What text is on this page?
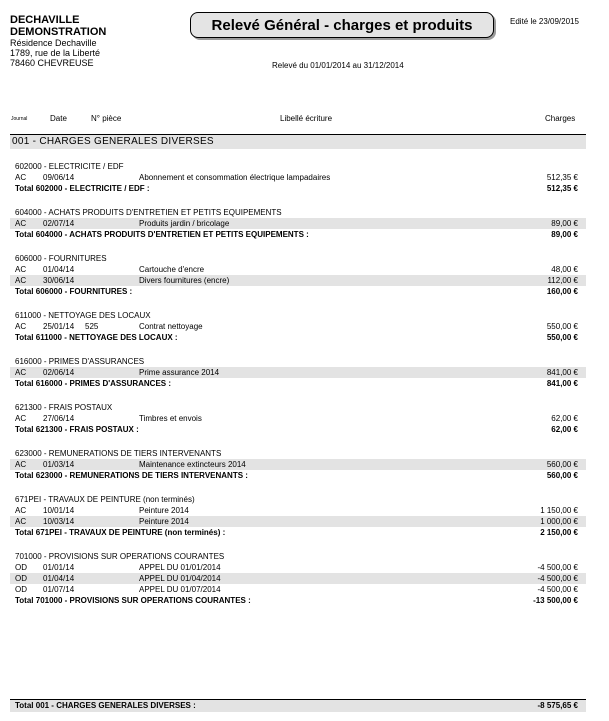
DECHAVILLE
DEMONSTRATION
Résidence Dechaville
1789, rue de la Liberté
78460 CHEVREUSE
Relevé Général - charges et produits	Edité le 23/09/2015
Relevé du 01/01/2014 au 31/12/2014
Journal	Date	N° pièce	Libellé écriture	Charges
001 - CHARGES GENERALES DIVERSES
602000 - ELECTRICITE / EDF
AC 09/06/14	Abonnement et consommation électrique lampadaires	512,35 €
Total 602000 - ELECTRICITE / EDF :	512,35 €
604000 - ACHATS PRODUITS D'ENTRETIEN ET PETITS EQUIPEMENTS
AC 02/07/14	Produits jardin / bricolage	89,00 €
Total 604000 - ACHATS PRODUITS D'ENTRETIEN ET PETITS EQUIPEMENTS :	89,00 €
606000 - FOURNITURES
AC 01/04/14	Cartouche d'encre	48,00 €
AC 30/06/14	Divers fournitures (encre)	112,00 €
Total 606000 - FOURNITURES :	160,00 €
611000 - NETTOYAGE DES LOCAUX
AC 25/01/14 525	Contrat nettoyage	550,00 €
Total 611000 - NETTOYAGE DES LOCAUX :	550,00 €
616000 - PRIMES D'ASSURANCES
AC 02/06/14	Prime assurance 2014	841,00 €
Total 616000 - PRIMES D'ASSURANCES :	841,00 €
621300 - FRAIS POSTAUX
AC 27/06/14	Timbres et envois	62,00 €
Total 621300 - FRAIS POSTAUX :	62,00 €
623000 - REMUNERATIONS DE TIERS INTERVENANTS
AC 01/03/14	Maintenance extincteurs 2014	560,00 €
Total 623000 - REMUNERATIONS DE TIERS INTERVENANTS :	560,00 €
671PEI - TRAVAUX DE PEINTURE (non terminés)
AC 10/01/14	Peinture 2014	1 150,00 €
AC 10/03/14	Peinture 2014	1 000,00 €
Total 671PEI - TRAVAUX DE PEINTURE (non terminés) :	2 150,00 €
701000 - PROVISIONS SUR OPERATIONS COURANTES
OD 01/01/14	APPEL DU 01/01/2014	-4 500,00 €
OD 01/04/14	APPEL DU 01/04/2014	-4 500,00 €
OD 01/07/14	APPEL DU 01/07/2014	-4 500,00 €
Total 701000 - PROVISIONS SUR OPERATIONS COURANTES :	-13 500,00 €
Total 001 - CHARGES GENERALES DIVERSES :	-8 575,65 €
